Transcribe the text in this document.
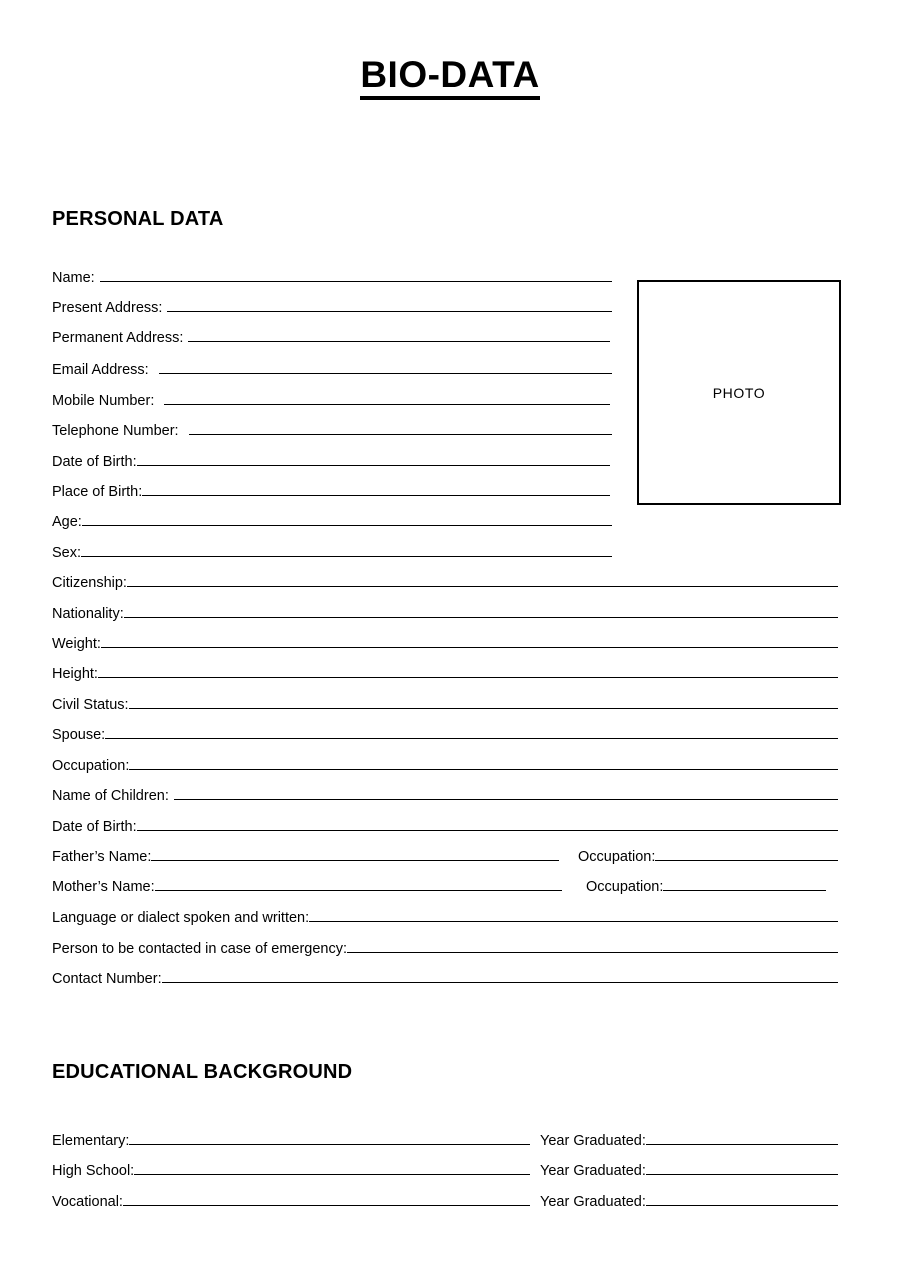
BIO-DATA
PERSONAL DATA
PHOTO
Name:
Present Address:
Permanent Address:
Email Address:
Mobile Number:
Telephone Number:
Date of Birth:
Place of Birth:
Age:
Sex:
Citizenship:
Nationality:
Weight:
Height:
Civil Status:
Spouse:
Occupation:
Name of Children:
Date of Birth:
Father’s Name:	Occupation:
Mother’s Name:	Occupation:
Language or dialect spoken and written:
Person to be contacted in case of emergency:
Contact Number:
EDUCATIONAL BACKGROUND
Elementary:	Year Graduated:
High School:	Year Graduated:
Vocational:	Year Graduated:
